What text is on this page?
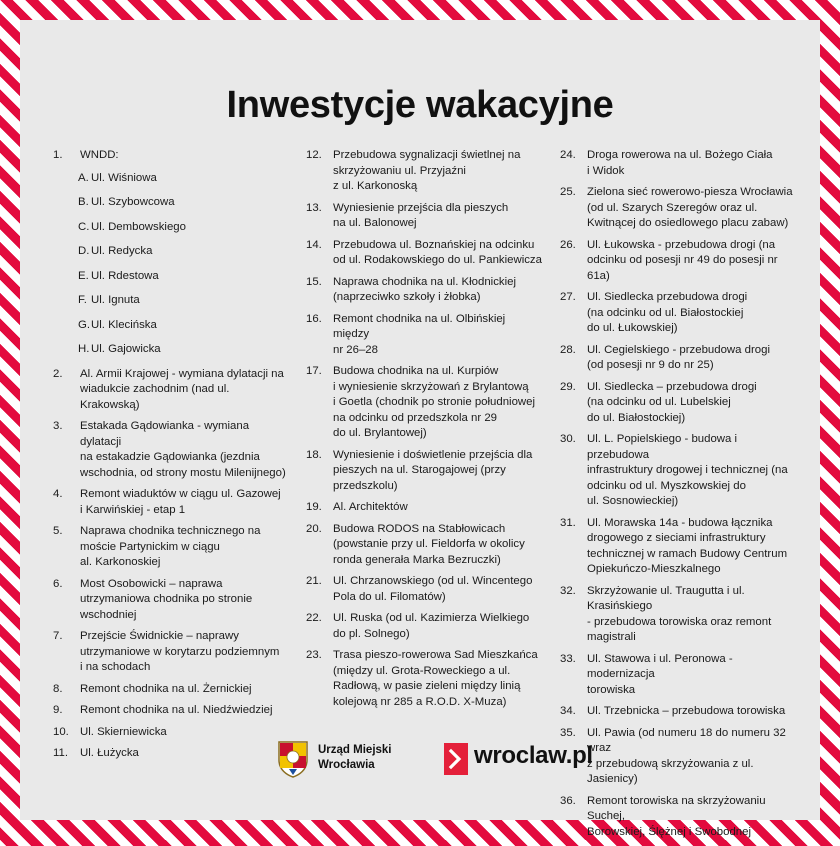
Inwestycje wakacyjne
1.	WNDD:
A. Ul. Wiśniowa
B. Ul. Szybowcowa
C. Ul. Dembowskiego
D. Ul. Redycka
E. Ul. Rdestowa
F. Ul. Ignuta
G. Ul. Klecińska
H. Ul. Gajowicka
2.	Al. Armii Krajowej - wymiana dylatacji na
wiadukcie zachodnim (nad ul. Krakowską)
3.	Estakada Gądowianka - wymiana dylatacji
na estakadzie Gądowianka (jezdnia
wschodnia, od strony mostu Milenijnego)
4.	Remont wiaduktów w ciągu ul. Gazowej
i Karwińskiej - etap 1
5.	Naprawa chodnika technicznego na
moście Partynickim w ciągu
al. Karkonoskiej
6.	Most Osobowicki – naprawa
utrzymaniowa chodnika po stronie
wschodniej
7.	Przejście Świdnickie – naprawy
utrzymaniowe w korytarzu podziemnym
i na schodach
8.	Remont chodnika na ul. Żernickiej
9.	Remont chodnika na ul. Niedźwiedziej
10. Ul. Skierniewicka
11.	Ul. Łużycka
12. Przebudowa sygnalizacji świetlnej na
skrzyżowaniu ul. Przyjaźni
z ul. Karkonoską
13. Wyniesienie przejścia dla pieszych
na ul. Balonowej
14. Przebudowa ul. Boznańskiej na odcinku
od ul. Rodakowskiego do ul. Pankiewicza
15. Naprawa chodnika na ul. Kłodnickiej
(naprzeciwko szkoły i żłobka)
16. Remont chodnika na ul. Olbińskiej między
nr 26–28
17. Budowa chodnika na ul. Kurpiów
i wyniesienie skrzyżowań z Brylantową
i Goetla (chodnik po stronie południowej
na odcinku od przedszkola nr 29
do ul. Brylantowej)
18. Wyniesienie i doświetlenie przejścia dla
pieszych na ul. Starogajowej (przy
przedszkolu)
19. Al. Architektów
20. Budowa RODOS na Stabłowicach
(powstanie przy ul. Fieldorfa w okolicy
ronda generała Marka Bezruczki)
21. Ul. Chrzanowskiego (od ul. Wincentego
Pola do ul. Filomatów)
22. Ul. Ruska (od ul. Kazimierza Wielkiego
do pl. Solnego)
23. Trasa pieszo-rowerowa Sad Mieszkańca
(między ul. Grota-Roweckiego a ul.
Radłową, w pasie zieleni między linią
kolejową nr 285 a R.O.D. X-Muza)
24. Droga rowerowa na ul. Bożego Ciała
i Widok
25. Zielona sieć rowerowo-piesza Wrocławia
(od ul. Szarych Szeregów oraz ul.
Kwitnącej do osiedlowego placu zabaw)
26. Ul. Łukowska - przebudowa drogi (na
odcinku od posesji nr 49 do posesji nr 61a)
27. Ul. Siedlecka przebudowa drogi
(na odcinku od ul. Białostockiej
do ul. Łukowskiej)
28. Ul. Cegielskiego - przebudowa drogi
(od posesji nr 9 do nr 25)
29. Ul. Siedlecka – przebudowa drogi
(na odcinku od ul. Lubelskiej
do ul. Białostockiej)
30. Ul. L. Popielskiego - budowa i przebudowa
infrastruktury drogowej i technicznej (na
odcinku od ul. Myszkowskiej do
ul. Sosnowieckiej)
31. Ul. Morawska 14a - budowa łącznika
drogowego z sieciami infrastruktury
technicznej w ramach Budowy Centrum
Opiekuńczo-Mieszkalnego
32. Skrzyżowanie ul. Traugutta i ul. Krasińskiego
- przebudowa torowiska oraz remont
magistrali
33. Ul. Stawowa i ul. Peronowa - modernizacja
torowiska
34. Ul. Trzebnicka – przebudowa torowiska
35. Ul. Pawia (od numeru 18 do numeru 32 wraz
z przebudową skrzyżowania z ul. Jasienicy)
36. Remont torowiska na skrzyżowaniu Suchej,
Borowskiej, Ślężnej i Swobodnej
Urząd Miejski
Wrocławia	wroclaw.pl
